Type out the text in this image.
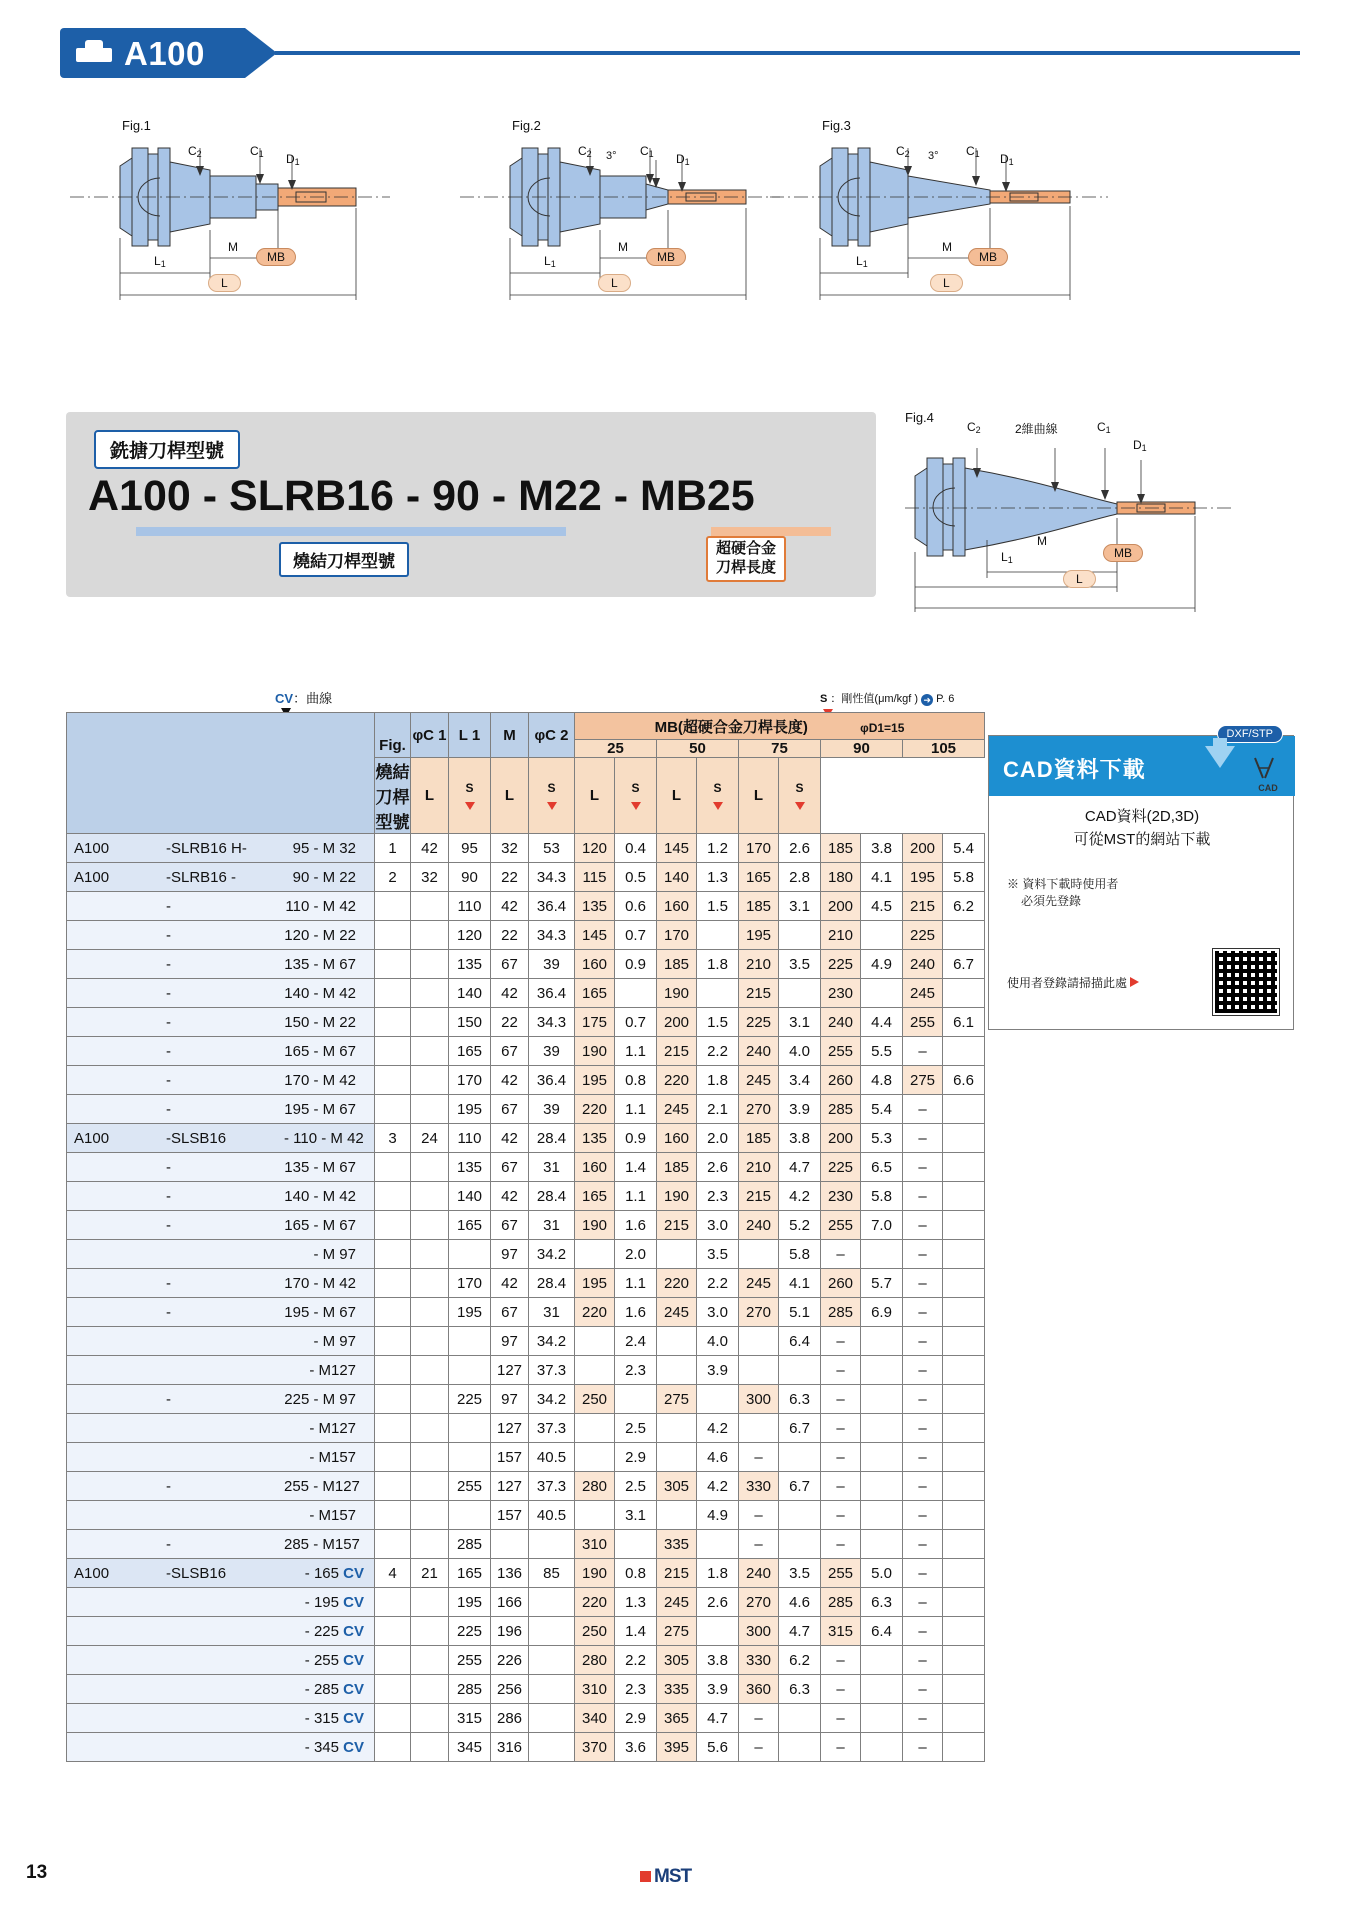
A100
Fig.1
$C_2$	$C_1$ $D_1$
M
$L_1$	MB
L
Fig.2
$C_2$	$C_1$ $D_1$
3°
M
$L_1$	MB
L
Fig.3
$C_2$	$C_1$ $D_1$
3°
M
$L_1$	MB
L
銑搪刀桿型號
A100 - SLRB16 - 90 - M22 - MB25
燒結刀桿型號
超硬合金
刀桿長度
Fig.4
$C_2$	2維曲線	$C_1$
$D_1$
M
$L_1$	MB
L
CV：曲線	S ：剛性值(μm/kgf ) ➜ P. 6
	Fig.	φC 1	L 1	M	φC 2	MB(超硬合金刀桿長度) φD1=15									
						25		50		75		90		105	
	燒結刀桿型號	L	S	L	S	L	S	L	S	L	S				

A100 -SLRB16 H- 95 - M 32	1	42	95	32	53	120	0.4	145	1.2	170	2.6	185	3.8	200	5.4

A100 -SLRB16 - 90 - M 22	2	32	90	22	34.3	115	0.5	140	1.3	165	2.8	180	4.1	195	5.8

- 110 - M 42			110	42	36.4	135	0.6	160	1.5	185	3.1	200	4.5	215	6.2

- 120 - M 22			120	22	34.3	145	0.7	170		195		210		225	

- 135 - M 67			135	67	39	160	0.9	185	1.8	210	3.5	225	4.9	240	6.7

- 140 - M 42			140	42	36.4	165		190		215		230		245	

- 150 - M 22			150	22	34.3	175	0.7	200	1.5	225	3.1	240	4.4	255	6.1

- 165 - M 67			165	67	39	190	1.1	215	2.2	240	4.0	255	5.5	–	

- 170 - M 42			170	42	36.4	195	0.8	220	1.8	245	3.4	260	4.8	275	6.6

- 195 - M 67			195	67	39	220	1.1	245	2.1	270	3.9	285	5.4	–	

A100 -SLSB16 - 110 - M 42	3	24	110	42	28.4	135	0.9	160	2.0	185	3.8	200	5.3	–	

- 135 - M 67			135	67	31	160	1.4	185	2.6	210	4.7	225	6.5	–	

- 140 - M 42			140	42	28.4	165	1.1	190	2.3	215	4.2	230	5.8	–	

- 165 - M 67			165	67	31	190	1.6	215	3.0	240	5.2	255	7.0	–	

- M 97				97	34.2		2.0		3.5		5.8	–		–	

- 170 - M 42			170	42	28.4	195	1.1	220	2.2	245	4.1	260	5.7	–	

- 195 - M 67			195	67	31	220	1.6	245	3.0	270	5.1	285	6.9	–	

- M 97				97	34.2		2.4		4.0		6.4	–		–	

- M127				127	37.3		2.3		3.9			–		–	

- 225 - M 97			225	97	34.2	250		275		300	6.3	–		–	

- M127				127	37.3		2.5		4.2		6.7	–		–	

- M157				157	40.5		2.9		4.6	–		–		–	

- 255 - M127			255	127	37.3	280	2.5	305	4.2	330	6.7	–		–	

- M157				157	40.5		3.1		4.9	–		–		–	

- 285 - M157			285			310		335		–		–		–	

A100 -SLSB16 - 165 CV	4	21	165	136	85	190	0.8	215	1.8	240	3.5	255	5.0	–	

- 195 CV			195	166		220	1.3	245	2.6	270	4.6	285	6.3	–	

- 225 CV			225	196		250	1.4	275		300	4.7	315	6.4	–	

- 255 CV			255	226		280	2.2	305	3.8	330	6.2	–		–	

- 285 CV			285	256		310	2.3	335	3.9	360	6.3	–		–	

- 315 CV			315	286		340	2.9	365	4.7	–		–		–	

- 345 CV			345	316		370	3.6	395	5.6	–		–		–	
CAD資料下載
DXF/STP
CAD
CAD資料(2D,3D)
可從MST的網站下載
※ 資料下載時使用者
必須先登錄
使用者登錄請掃描此處
13	MST
